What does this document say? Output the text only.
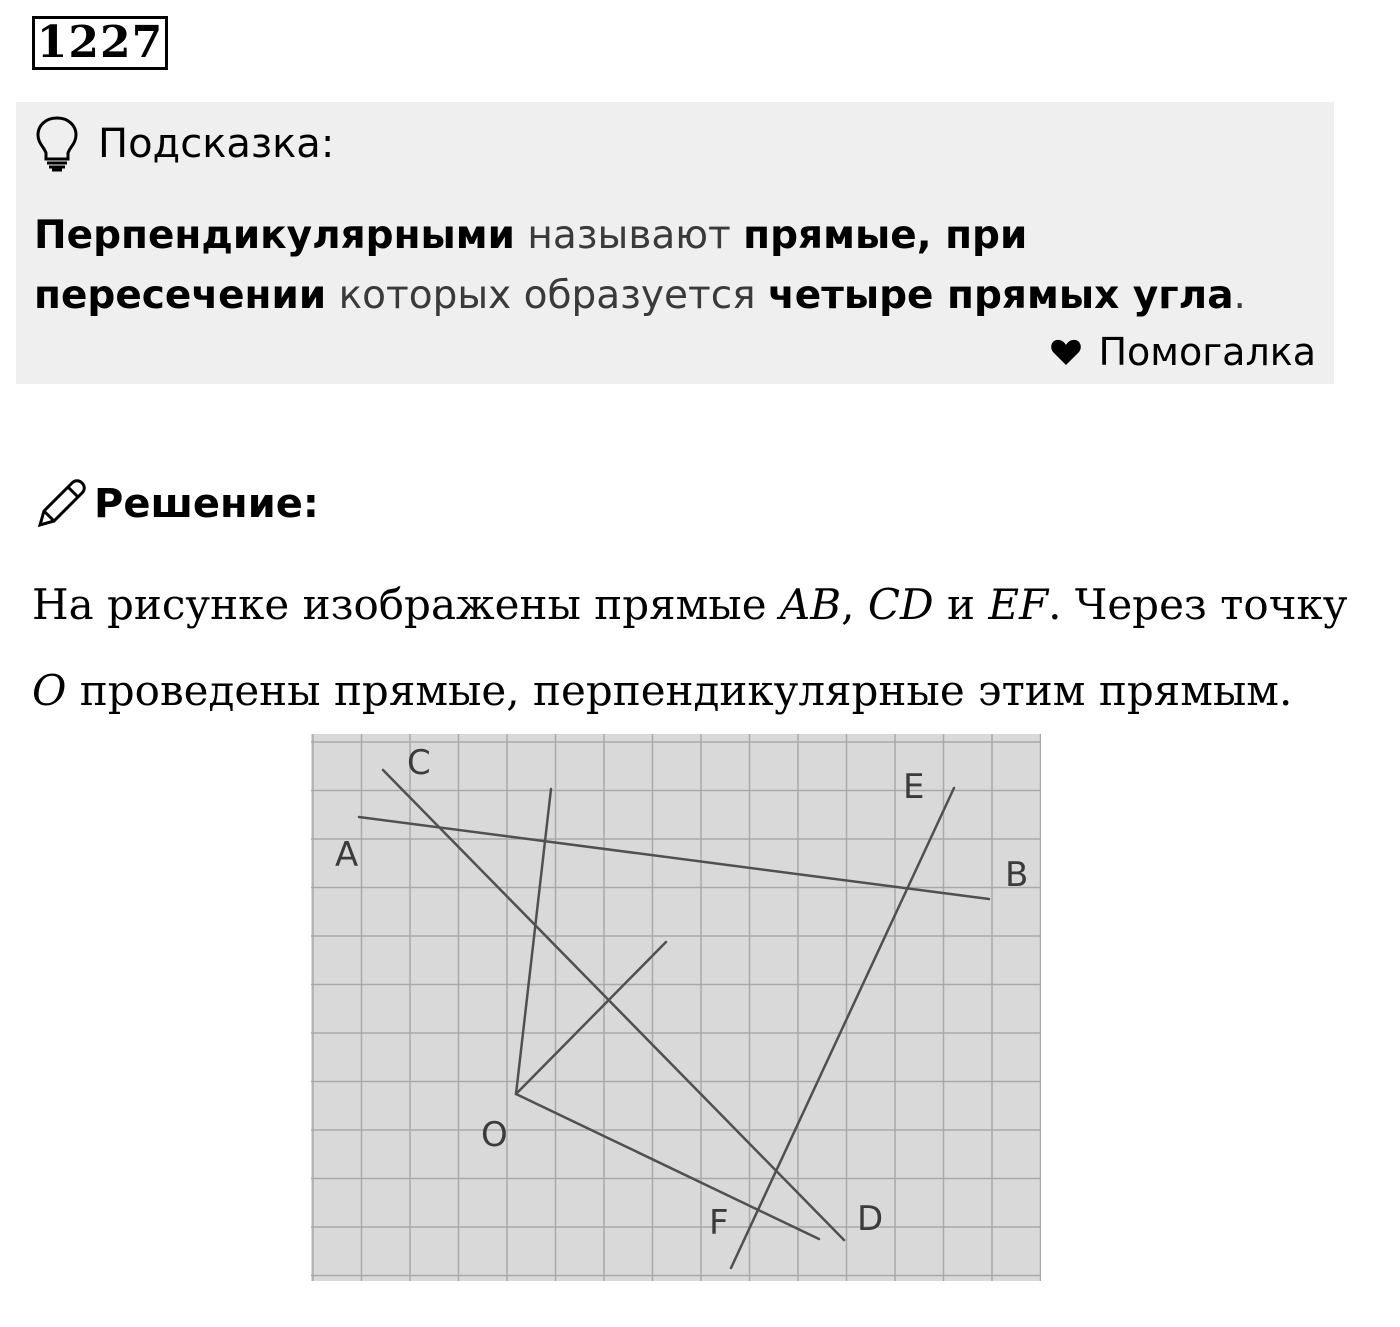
1227
Подсказка:
Перпендикулярными называют прямые, при пересечении которых образуется четыре прямых угла.
Помогалка
Решение:
На рисунке изображены прямые AB, CD и EF. Через точку
O проведены прямые, перпендикулярные этим прямым.
C
A
E
B
O
F	D
